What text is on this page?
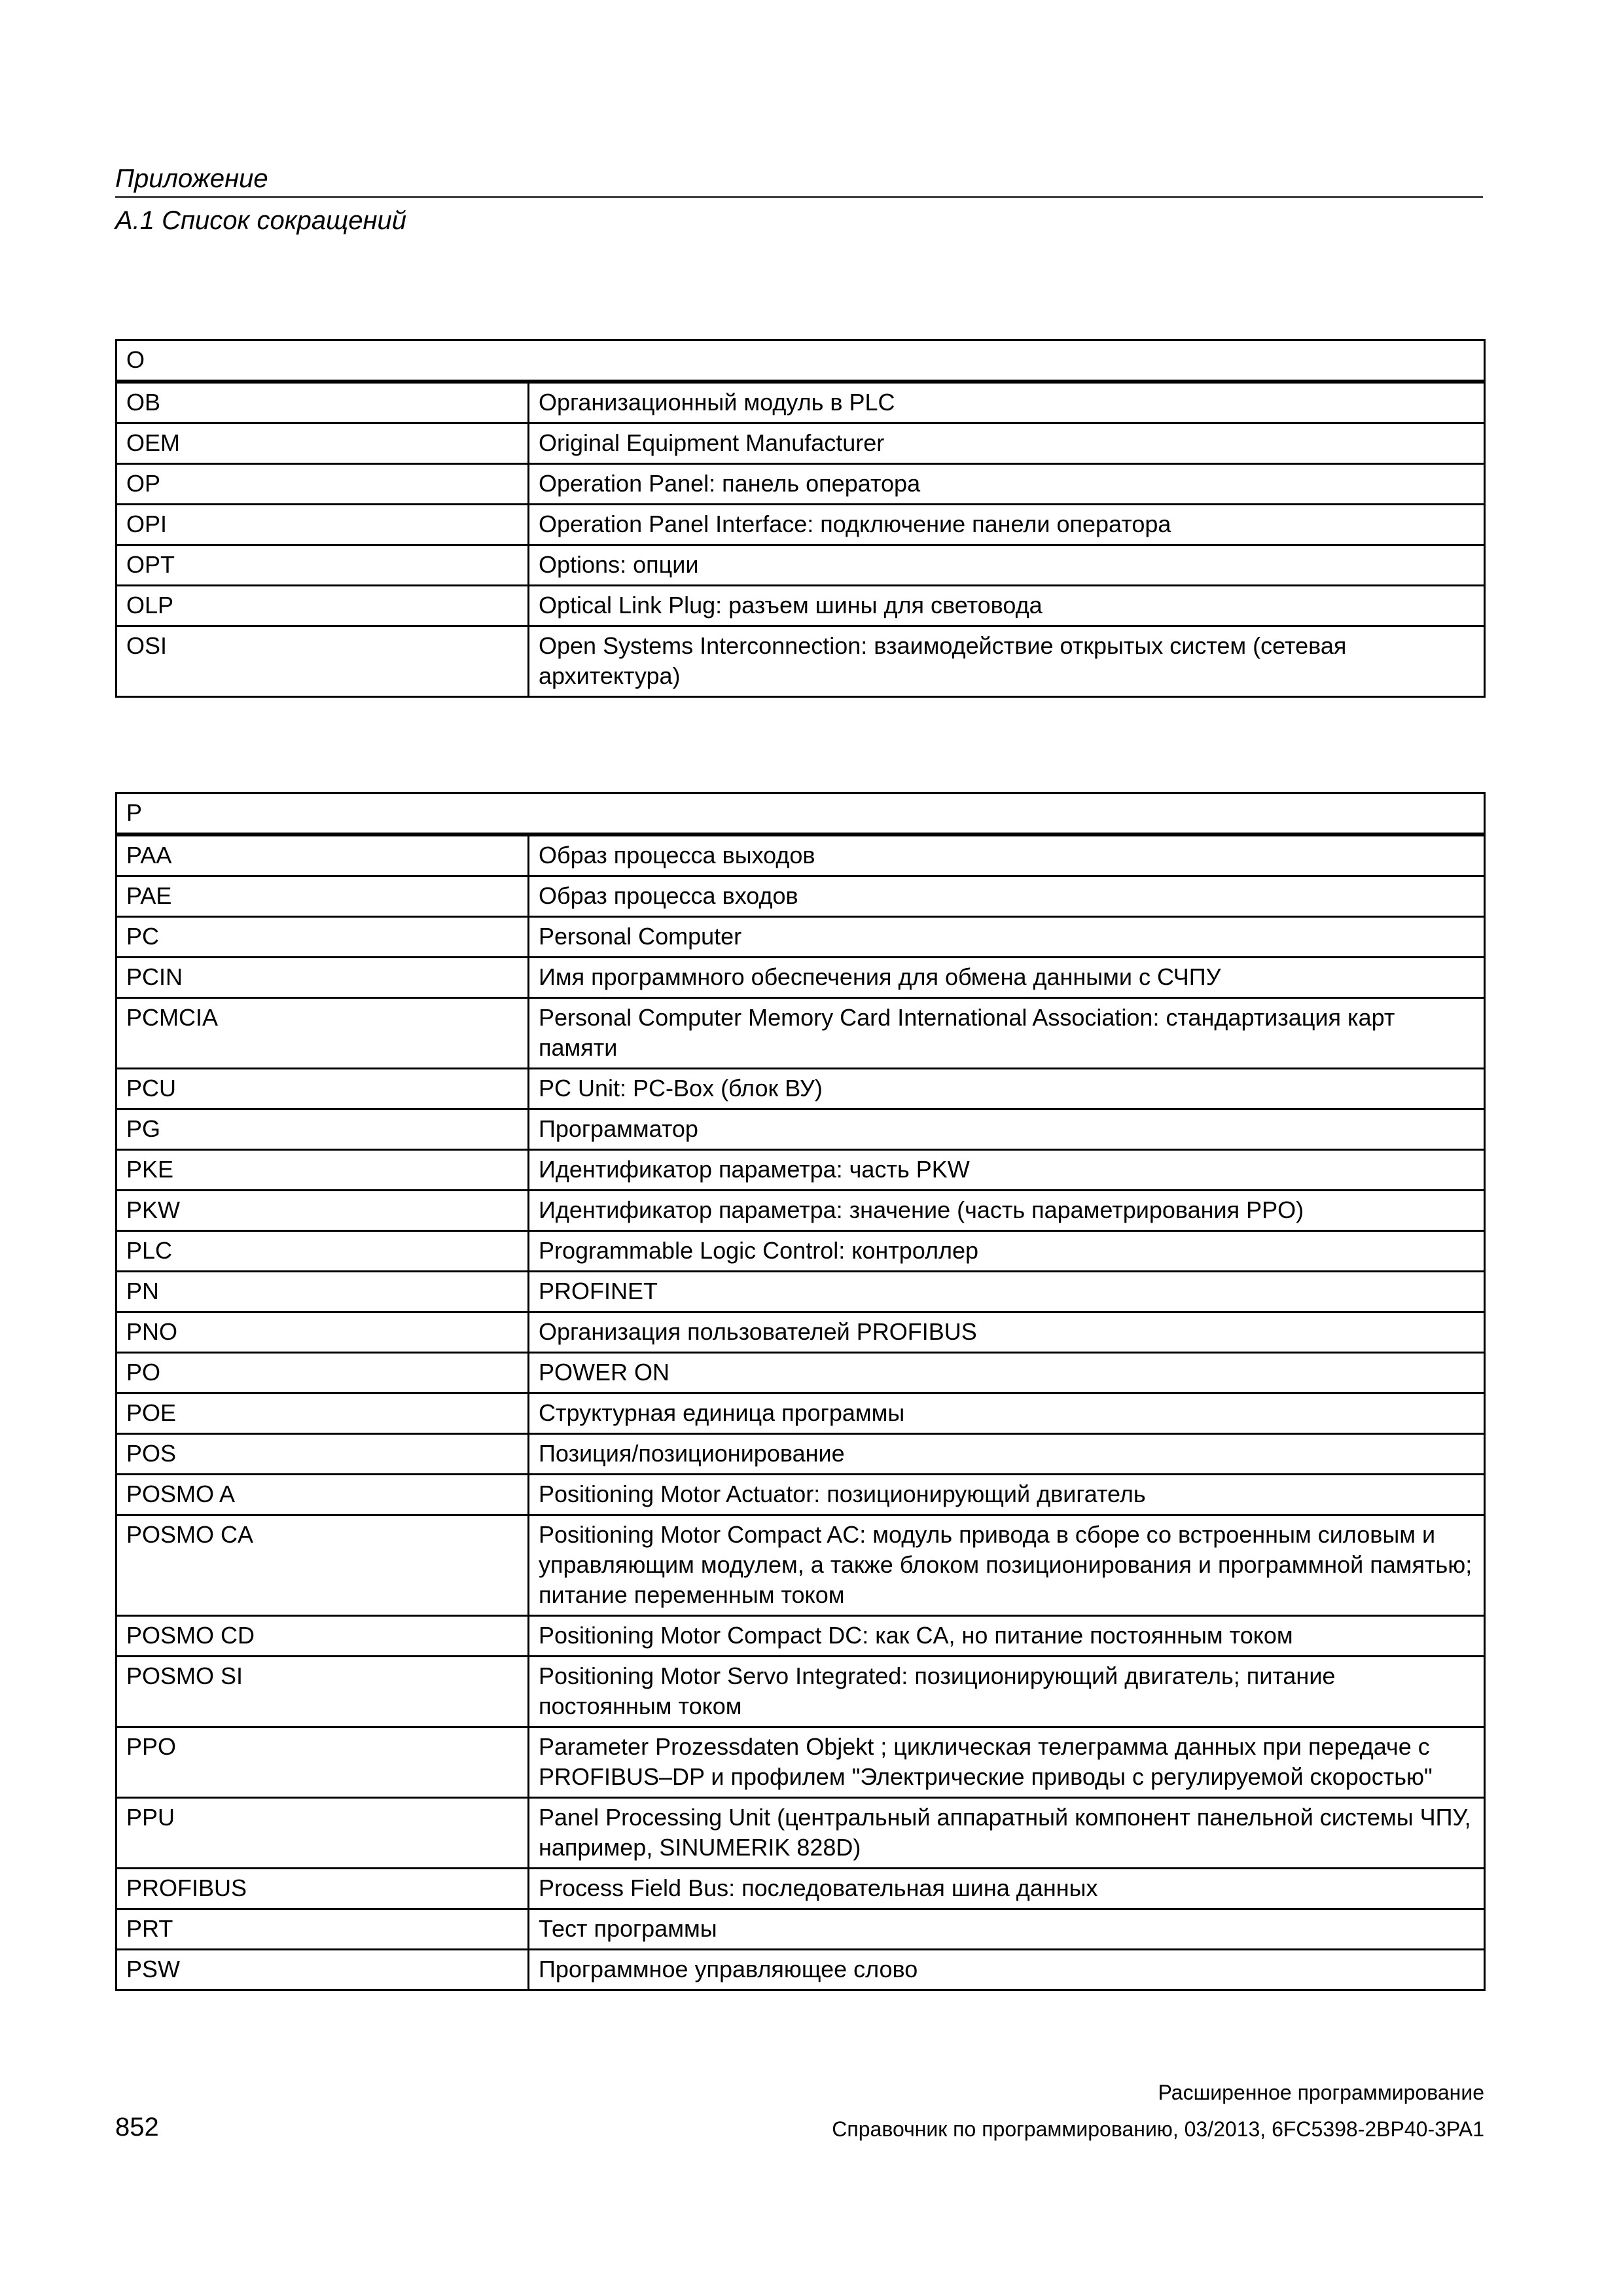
Приложение
A.1 Список сокращений
O	
OB	Организационный модуль в PLC
OEM	Original Equipment Manufacturer
OP	Operation Panel: панель оператора
OPI	Operation Panel Interface: подключение панели оператора
OPT	Options: опции
OLP	Optical Link Plug: разъем шины для световода
OSI	Open Systems Interconnection: взаимодействие открытых систем (сетевая архитектура)
P	
PAA	Образ процесса выходов
PAE	Образ процесса входов
PC	Personal Computer
PCIN	Имя программного обеспечения для обмена данными с СЧПУ
PCMCIA	Personal Computer Memory Card International Association: стандартизация карт памяти
PCU	PC Unit: PC-Box (блок ВУ)
PG	Программатор
PKE	Идентификатор параметра: часть PKW
PKW	Идентификатор параметра: значение (часть параметрирования PPO)
PLC	Programmable Logic Control: контроллер
PN	PROFINET
PNO	Организация пользователей PROFIBUS
PO	POWER ON
POE	Структурная единица программы
POS	Позиция/позиционирование
POSMO A	Positioning Motor Actuator: позиционирующий двигатель
POSMO CA	Positioning Motor Compact AC: модуль привода в сборе со встроенным силовым и управляющим модулем, а также блоком позиционирования и программной памятью; питание переменным током
POSMO CD	Positioning Motor Compact DC: как CA, но питание постоянным током
POSMO SI	Positioning Motor Servo Integrated: позиционирующий двигатель; питание постоянным током
PPO	Parameter Prozessdaten Objekt ; циклическая телеграмма данных при передаче с PROFIBUS–DP и профилем "Электрические приводы с регулируемой скоростью"
PPU	Panel Processing Unit (центральный аппаратный компонент панельной системы ЧПУ, например, SINUMERIK 828D)
PROFIBUS	Process Field Bus: последовательная шина данных
PRT	Тест программы
PSW	Программное управляющее слово
Расширенное программирование
852	Справочник по программированию, 03/2013, 6FC5398-2BP40-3PA1
